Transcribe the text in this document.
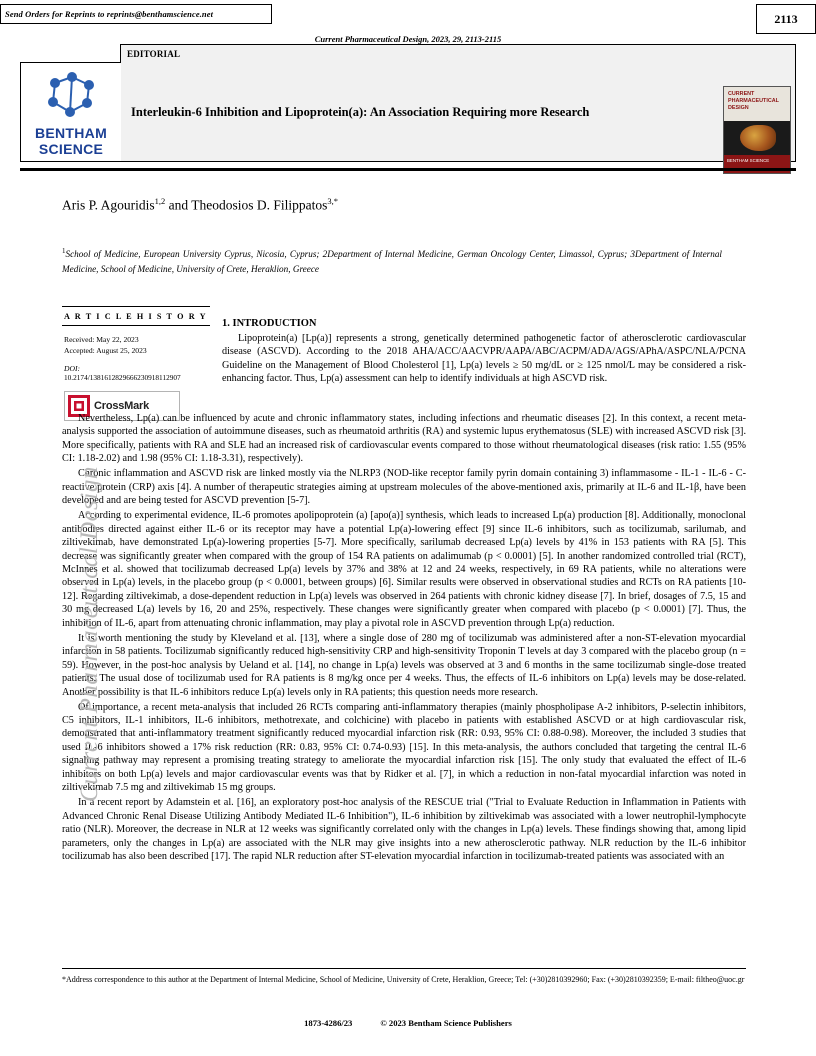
Send Orders for Reprints to reprints@benthamscience.net	2113
Current Pharmaceutical Design, 2023, 29, 2113-2115
EDITORIAL
Interleukin-6 Inhibition and Lipoprotein(a): An Association Requiring more Research
CURRENT PHARMACEUTICAL DESIGN
BENTHAM SCIENCE
BENTHAM
SCIENCE
Aris P. Agouridis$^{1,2}$ and Theodosios D. Filippatos$^{3,*}$
$^1$School of Medicine, European University Cyprus, Nicosia, Cyprus; 2Department of Internal Medicine, German Oncology Center, Limassol, Cyprus; 3Department of Internal Medicine, School of Medicine, University of Crete, Heraklion, Greece
A R T I C L E H I S T O R Y
Received: May 22, 2023
Accepted: August 25, 2023
DOI:
10.2174/1381612829666230918112907
CrossMark
1. INTRODUCTION
Lipoprotein(a) [Lp(a)] represents a strong, genetically determined pathogenetic factor of atherosclerotic cardiovascular disease (ASCVD). According to the 2018 AHA/ACC/AACVPR/AAPA/ABC/ACPM/ADA/AGS/APhA/ASPC/NLA/PCNA Guideline on the Management of Blood Cholesterol [1], Lp(a) levels ≥ 50 mg/dL or ≥ 125 nmol/L may be considered a risk-enhancing factor. Thus, Lp(a) assessment can help to identify individuals at high ASCVD risk.
Nevertheless, Lp(a) can be influenced by acute and chronic inflammatory states, including infections and rheumatic diseases [2]. In this context, a recent meta-analysis supported the association of autoimmune diseases, such as rheumatoid arthritis (RA) and systemic lupus erythematosus (SLE) with increased ASCVD risk [3]. More specifically, patients with RA and SLE had an increased risk of cardiovascular events compared to those without rheumatological diseases (risk ratio: 1.55 (95% CI: 1.18-2.02) and 1.98 (95% CI: 1.18-3.31), respectively).
Chronic inflammation and ASCVD risk are linked mostly via the NLRP3 (NOD-like receptor family pyrin domain containing 3) inflammasome - IL-1 - IL-6 - C-reactive protein (CRP) axis [4]. A number of therapeutic strategies aiming at upstream molecules of the above-mentioned axis, primarily at IL-6 and IL-1β, have been developed and are being tested for ASCVD prevention [5-7].
According to experimental evidence, IL-6 promotes apolipoprotein (a) [apo(a)] synthesis, which leads to increased Lp(a) production [8]. Additionally, monoclonal antibodies directed against either IL-6 or its receptor may have a potential Lp(a)-lowering effect [9] since IL-6 inhibitors, such as tocilizumab, sarilumab, and ziltivekimab, have demonstrated Lp(a)-lowering properties [5-7]. More specifically, sarilumab decreased Lp(a) levels by 41% in 153 patients with RA [5]. This decrease was significantly greater when compared with the group of 154 RA patients on adalimumab (p < 0.0001) [5]. In another randomized controlled trial (RCT), McInnes et al. showed that tocilizumab decreased Lp(a) levels by 37% and 38% at 12 and 24 weeks, respectively, in 69 RA patients, while no alterations were observed in Lp(a) levels, in the placebo group (p < 0.0001, between groups) [6]. Similar results were observed in observational studies and RCTs on RA patients [10-12]. Regarding ziltivekimab, a dose-dependent reduction in Lp(a) levels was observed in 264 patients with chronic kidney disease [7]. In brief, dosages of 7.5, 15 and 30 mg decreased L(a) levels by 16, 20 and 25%, respectively. These changes were significantly greater when compared with placebo (p < 0.0001) [7]. Thus, the inhibition of IL-6, apart from attenuating chronic inflammation, may play a pivotal role in ASCVD prevention through Lp(a) reduction.
It is worth mentioning the study by Kleveland et al. [13], where a single dose of 280 mg of tocilizumab was administered after a non-ST-elevation myocardial infarction in 58 patients. Tocilizumab significantly reduced high-sensitivity CRP and high-sensitivity Troponin T levels at day 3 compared with the placebo group (n = 59). However, in the post-hoc analysis by Ueland et al. [14], no change in Lp(a) levels was observed at 3 and 6 months in the same tocilizumab single-dose treated patients. The usual dose of tocilizumab used for RA patients is 8 mg/kg once per 4 weeks. Thus, the effects of IL-6 inhibitors on Lp(a) levels may be dose-related. Another possibility is that IL-6 inhibitors reduce Lp(a) levels only in RA patients; this question needs more research.
Of importance, a recent meta-analysis that included 26 RCTs comparing anti-inflammatory therapies (mainly phospholipase A-2 inhibitors, P-selectin inhibitors, C5 inhibitors, IL-1 inhibitors, IL-6 inhibitors, methotrexate, and colchicine) with placebo in patients with established ASCVD or at high cardiovascular risk, demonstrated that anti-inflammatory treatment significantly reduced myocardial infarction risk (RR: 0.93, 95% CI: 0.88-0.98). Moreover, the included 3 studies that used IL-6 inhibitors showed a 17% risk reduction (RR: 0.83, 95% CI: 0.74-0.93) [15]. In this meta-analysis, the authors concluded that targeting the central IL-6 signaling pathway may represent a promising treating strategy to ameliorate the myocardial infarction risk [15]. The only study that evaluated the effect of IL-6 inhibitors on both Lp(a) levels and major cardiovascular events was that by Ridker et al. [7], in which a reduction in non-fatal myocardial infarction was noted in ziltivekimab 7.5 mg and ziltivekimab 15 mg groups.
In a recent report by Adamstein et al. [16], an exploratory post-hoc analysis of the RESCUE trial ("Trial to Evaluate Reduction in Inflammation in Patients with Advanced Chronic Renal Disease Utilizing Antibody Mediated IL-6 Inhibition"), IL-6 inhibition by ziltivekimab was associated with a lower neutrophil-lymphocyte ratio (NLR). Moreover, the decrease in NLR at 12 weeks was significantly correlated only with the changes in Lp(a) levels. These findings showing that, among lipid parameters, only the changes in Lp(a) are associated with the NLR may give insights into a new atherosclerotic pathway. NLR reduction by the IL-6 inhibitor tocilizumab has also been described [17]. The rapid NLR reduction after ST-elevation myocardial infarction in tocilizumab-treated patients was associated with an
Current Pharmaceutical Design
*Address correspondence to this author at the Department of Internal Medicine, School of Medicine, University of Crete, Heraklion, Greece; Tel: (+30)2810392960; Fax: (+30)2810392359; E-mail: filtheo@uoc.gr
1873-4286/23	© 2023 Bentham Science Publishers
